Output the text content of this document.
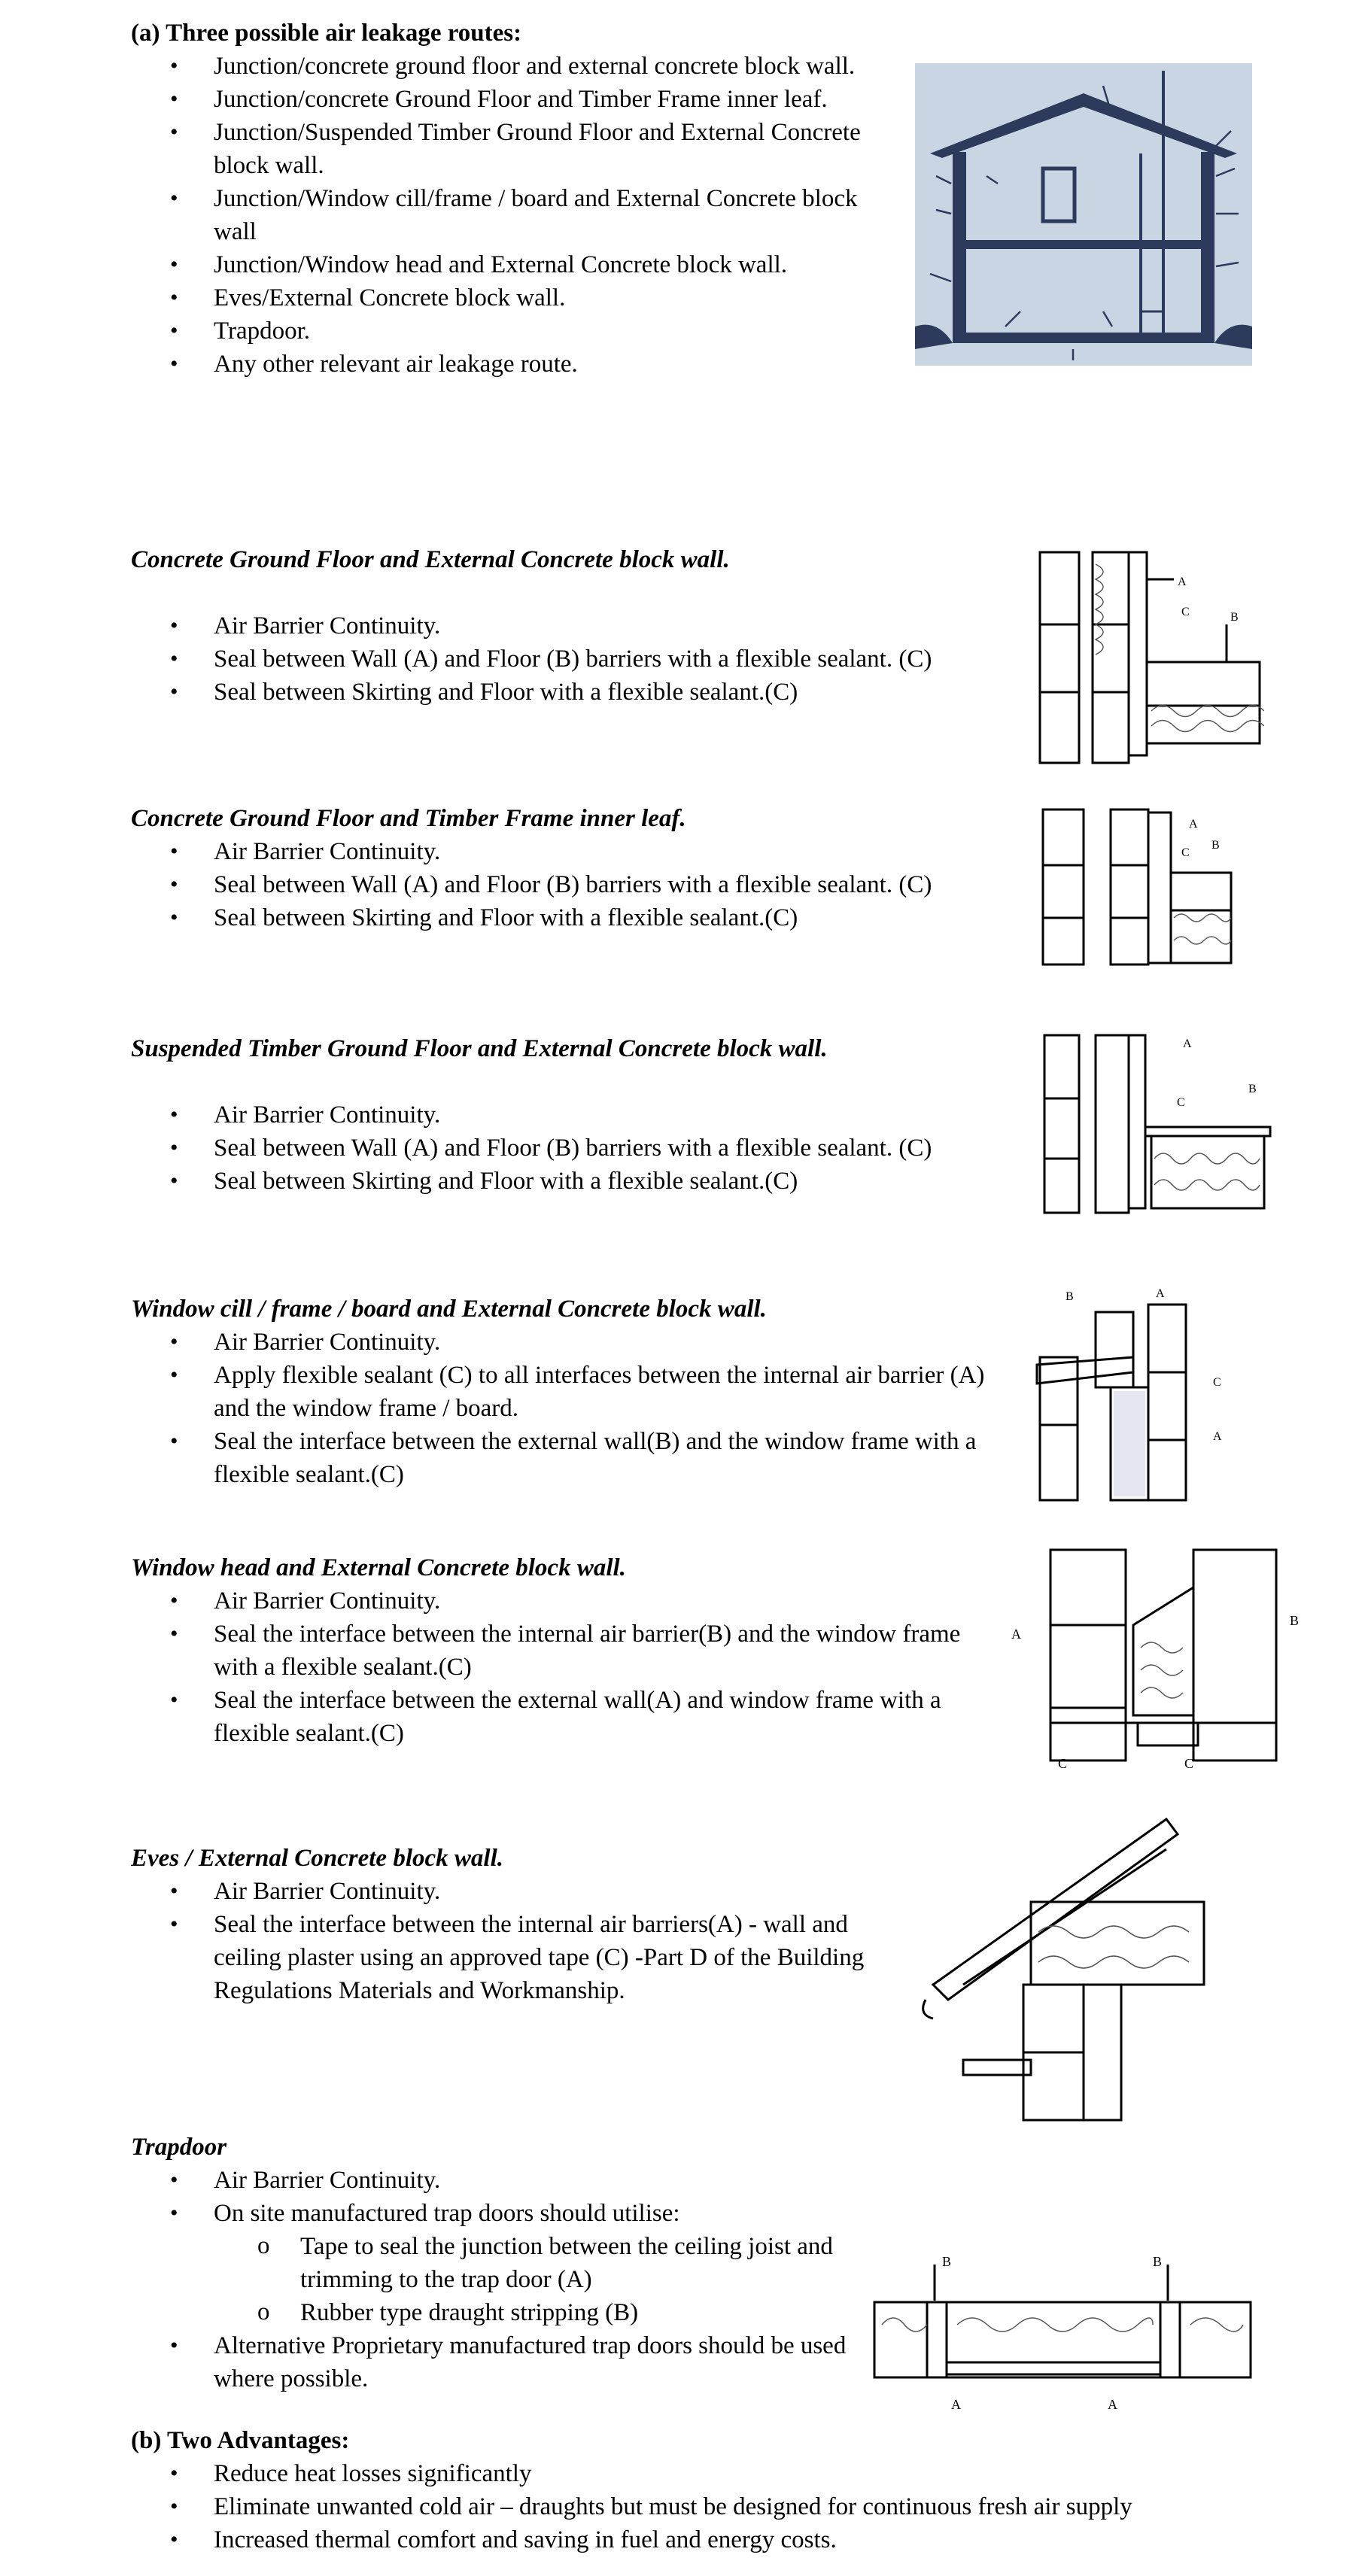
(a) Three possible air leakage routes:

• Junction/concrete ground floor and external concrete block wall.
• Junction/concrete Ground Floor and Timber Frame inner leaf.
• Junction/Suspended Timber Ground Floor and External Concrete block wall.
• Junction/Window cill/frame / board and External Concrete block wall
• Junction/Window head and External Concrete block wall.
• Eves/External Concrete block wall.
• Trapdoor.
• Any other relevant air leakage route.

Concrete Ground Floor and External Concrete block wall.

• Air Barrier Continuity.
• Seal between Wall (A) and Floor (B) barriers with a flexible sealant. (C)
• Seal between Skirting and Floor with a flexible sealant.(C)
A
C	B

Concrete Ground Floor and Timber Frame inner leaf.

• Air Barrier Continuity.
• Seal between Wall (A) and Floor (B) barriers with a flexible sealant. (C)
• Seal between Skirting and Floor with a flexible sealant.(C)
A
C
B

Suspended Timber Ground Floor and External Concrete block wall.

• Air Barrier Continuity.
• Seal between Wall (A) and Floor (B) barriers with a flexible sealant. (C)
• Seal between Skirting and Floor with a flexible sealant.(C)
A
C
B

Window cill / frame / board and External Concrete block wall.

• Air Barrier Continuity.
• Apply flexible sealant (C) to all interfaces between the internal air barrier (A) and the window frame / board.
• Seal the interface between the external wall(B) and the window frame with a flexible sealant.(C)
B	A
C
A

Window head and External Concrete block wall.

• Air Barrier Continuity.
• Seal the interface between the internal air barrier(B) and the window frame with a flexible sealant.(C)
• Seal the interface between the external wall(A) and window frame with a flexible sealant.(C)
A
B
C	C

Eves / External Concrete block wall.

• Air Barrier Continuity.
• Seal the interface between the internal air barriers(A) - wall and ceiling plaster using an approved tape (C) -Part D of the Building Regulations Materials and Workmanship.

Trapdoor

• Air Barrier Continuity.
• On site manufactured trap doors should utilise:
o Tape to seal the junction between the ceiling joist and trimming to the trap door (A)
o Rubber type draught stripping (B)
• Alternative Proprietary manufactured trap doors should be used where possible.
B	B
A	A

(b) Two Advantages:

• Reduce heat losses significantly
• Eliminate unwanted cold air – draughts but must be designed for continuous fresh air supply
• Increased thermal comfort and saving in fuel and energy costs.
